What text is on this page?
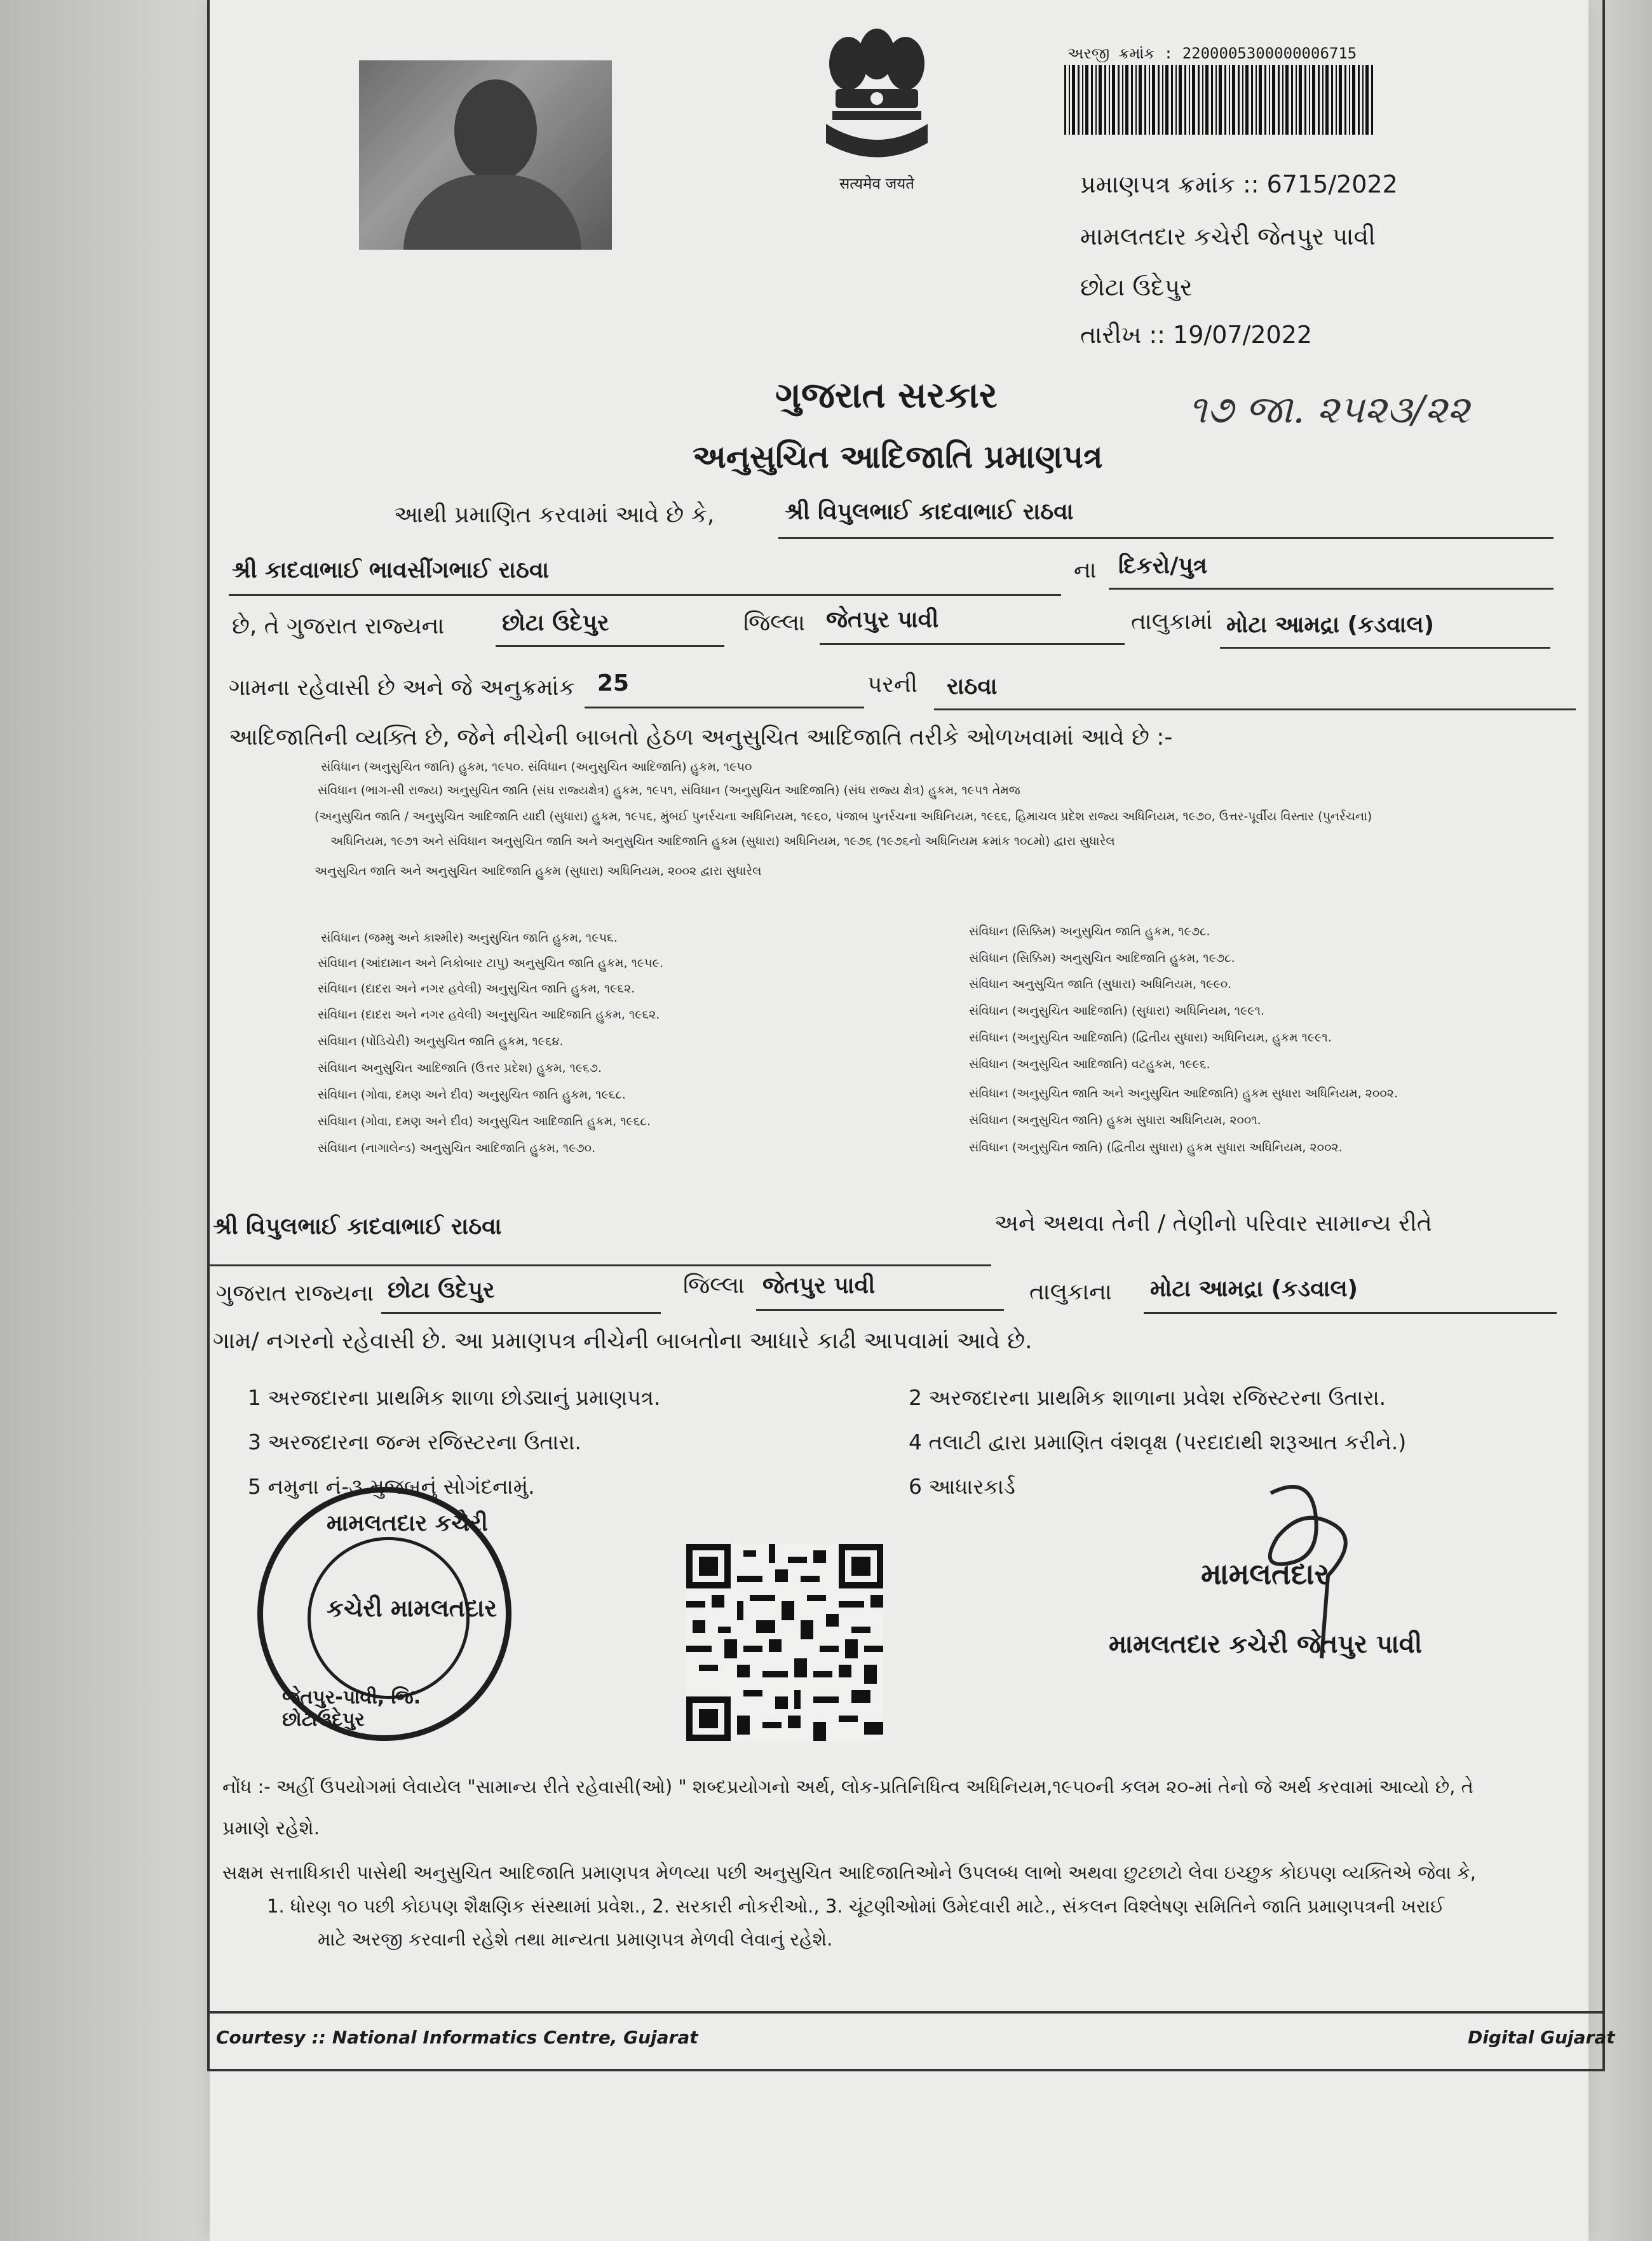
सत्यमेव जयते
અરજી ક્રમાંક : 2200005300000006715
પ્રમાણપત્ર ક્રમાંક :: 6715/2022
મામલતદાર કચેરી જેતપુર પાવી
છોટા ઉદેપુર
તારીખ :: 19/07/2022
ગુજરાત સરકાર
અનુસુચિત આદિજાતિ પ્રમાણપત્ર
૧૭ જા. ૨૫૨૩/૨૨
આથી પ્રમાણિત કરવામાં આવે છે કે,	શ્રી વિપુલભાઈ કાદવાભાઈ રાઠવા
શ્રી કાદવાભાઈ ભાવસીંગભાઈ રાઠવા	ના દિકરો/પુત્ર
છે, તે ગુજરાત રાજ્યના	છોટા ઉદેપુર	જિલ્લા જેતપુર પાવી	તાલુકામાં મોટા આમદ્રા (કડવાલ)
ગામના રહેવાસી છે અને જે અનુક્રમાંક 25	પરની રાઠવા
આદિજાતિની વ્યક્તિ છે, જેને નીચેની બાબતો હેઠળ અનુસુચિત આદિજાતિ તરીકે ઓળખવામાં આવે છે :-
સંવિધાન (અનુસુચિત જાતિ) હુકમ, ૧૯૫૦. સંવિધાન (અનુસુચિત આદિજાતિ) હુકમ, ૧૯૫૦
સંવિધાન (ભાગ-સી રાજ્ય) અનુસુચિત જાતિ (સંઘ રાજ્યક્ષેત્ર) હુકમ, ૧૯૫૧, સંવિધાન (અનુસુચિત આદિજાતિ) (સંઘ રાજ્ય ક્ષેત્ર) હુકમ, ૧૯૫૧ તેમજ
(અનુસુચિત જાતિ / અનુસુચિત આદિજાતિ યાદી (સુધારા) હુકમ, ૧૯૫૬, મુંબઈ પુનર્રચના અધિનિયમ, ૧૯૬૦, પંજાબ પુનર્રચના અધિનિયમ, ૧૯૬૬, હિમાચલ પ્રદેશ રાજ્ય અધિનિયમ, ૧૯૭૦, ઉત્તર-પૂર્વીય વિસ્તાર (પુનર્રચના)
અધિનિયમ, ૧૯૭૧ અને સંવિધાન અનુસુચિત જાતિ અને અનુસુચિત આદિજાતિ હુકમ (સુધારા) અધિનિયમ, ૧૯૭૬ (૧૯૭૬નો અધિનિયમ ક્રમાંક ૧૦૮મો) દ્વારા સુધારેલ
અનુસુચિત જાતિ અને અનુસુચિત આદિજાતિ હુકમ (સુધારા) અધિનિયમ, ૨૦૦૨ દ્વારા સુધારેલ
સંવિધાન (જમ્મુ અને કાશ્મીર) અનુસુચિત જાતિ હુકમ, ૧૯૫૬.
સંવિધાન (આંદામાન અને નિકોબાર ટાપુ) અનુસુચિત જાતિ હુકમ, ૧૯૫૯.
સંવિધાન (દાદરા અને નગર હવેલી) અનુસુચિત જાતિ હુકમ, ૧૯૬૨.
સંવિધાન (દાદરા અને નગર હવેલી) અનુસુચિત આદિજાતિ હુકમ, ૧૯૬૨.
સંવિધાન (પોંડિચેરી) અનુસુચિત જાતિ હુકમ, ૧૯૬૪.
સંવિધાન અનુસુચિત આદિજાતિ (ઉત્તર પ્રદેશ) હુકમ, ૧૯૬૭.
સંવિધાન (ગોવા, દમણ અને દીવ) અનુસુચિત જાતિ હુકમ, ૧૯૬૮.
સંવિધાન (ગોવા, દમણ અને દીવ) અનુસુચિત આદિજાતિ હુકમ, ૧૯૬૮.
સંવિધાન (નાગાલેન્ડ) અનુસુચિત આદિજાતિ હુકમ, ૧૯૭૦.
સંવિધાન (સિક્કિમ) અનુસુચિત જાતિ હુકમ, ૧૯૭૮.
સંવિધાન (સિક્કિમ) અનુસુચિત આદિજાતિ હુકમ, ૧૯૭૮.
સંવિધાન અનુસુચિત જાતિ (સુધારા) અધિનિયમ, ૧૯૯૦.
સંવિધાન (અનુસુચિત આદિજાતિ) (સુધારા) અધિનિયમ, ૧૯૯૧.
સંવિધાન (અનુસુચિત આદિજાતિ) (દ્વિતીય સુધારા) અધિનિયમ, હુકમ ૧૯૯૧.
સંવિધાન (અનુસુચિત આદિજાતિ) વટહુકમ, ૧૯૯૬.
સંવિધાન (અનુસુચિત જાતિ અને અનુસુચિત આદિજાતિ) હુકમ સુધારા અધિનિયમ, ૨૦૦૨.
સંવિધાન (અનુસુચિત જાતિ) હુકમ સુધારા અધિનિયમ, ૨૦૦૧.
સંવિધાન (અનુસુચિત જાતિ) (દ્વિતીય સુધારા) હુકમ સુધારા અધિનિયમ, ૨૦૦૨.
શ્રી વિપુલભાઈ કાદવાભાઈ રાઠવા	અને અથવા તેની / તેણીનો પરિવાર સામાન્ય રીતે
ગુજરાત રાજ્યના છોટા ઉદેપુર	જિલ્લા જેતપુર પાવી	તાલુકાના મોટા આમદ્રા (કડવાલ)
ગામ/ નગરનો રહેવાસી છે. આ પ્રમાણપત્ર નીચેની બાબતોના આધારે કાઢી આપવામાં આવે છે.
1 અરજદારના પ્રાથમિક શાળા છોડ્યાનું પ્રમાણપત્ર.	2 અરજદારના પ્રાથમિક શાળાના પ્રવેશ રજિસ્ટરના ઉતારા.
3 અરજદારના જન્મ રજિસ્ટરના ઉતારા.	4 તલાટી દ્વારા પ્રમાણિત વંશવૃક્ષ (પરદાદાથી શરૂઆત કરીને.)
5 નમુના નં-૩ મુજબનું સોગંદનામું.	6 આધારકાર્ડ
મામલતદાર કચેરી
કચેરી મામલતદાર
જેતપુર-પાવી, જિ. છોટાઉદેપુર
મામલતદાર
મામલતદાર કચેરી જેતપુર પાવી
નોંધ :- અહીં ઉપયોગમાં લેવાયેલ "સામાન્ય રીતે રહેવાસી(ઓ) " શબ્દપ્રયોગનો અર્થ, લોક-પ્રતિનિધિત્વ અધિનિયમ,૧૯૫૦ની કલમ ૨૦-માં તેનો જે અર્થ કરવામાં આવ્યો છે, તે
પ્રમાણે રહેશે.
સક્ષમ સત્તાધિકારી પાસેથી અનુસુચિત આદિજાતિ પ્રમાણપત્ર મેળવ્યા પછી અનુસુચિત આદિજાતિઓને ઉપલબ્ધ લાભો અથવા છુટછાટો લેવા ઇચ્છુક કોઇપણ વ્યક્તિએ જેવા કે,
1. ધોરણ ૧૦ પછી કોઇપણ શૈક્ષણિક સંસ્થામાં પ્રવેશ., 2. સરકારી નોકરીઓ., 3. ચૂંટણીઓમાં ઉમેદવારી માટે., સંકલન વિશ્લેષણ સમિતિને જાતિ પ્રમાણપત્રની ખરાઈ
માટે અરજી કરવાની રહેશે તથા માન્યતા પ્રમાણપત્ર મેળવી લેવાનું રહેશે.
Courtesy :: National Informatics Centre, Gujarat	Digital Gujarat
